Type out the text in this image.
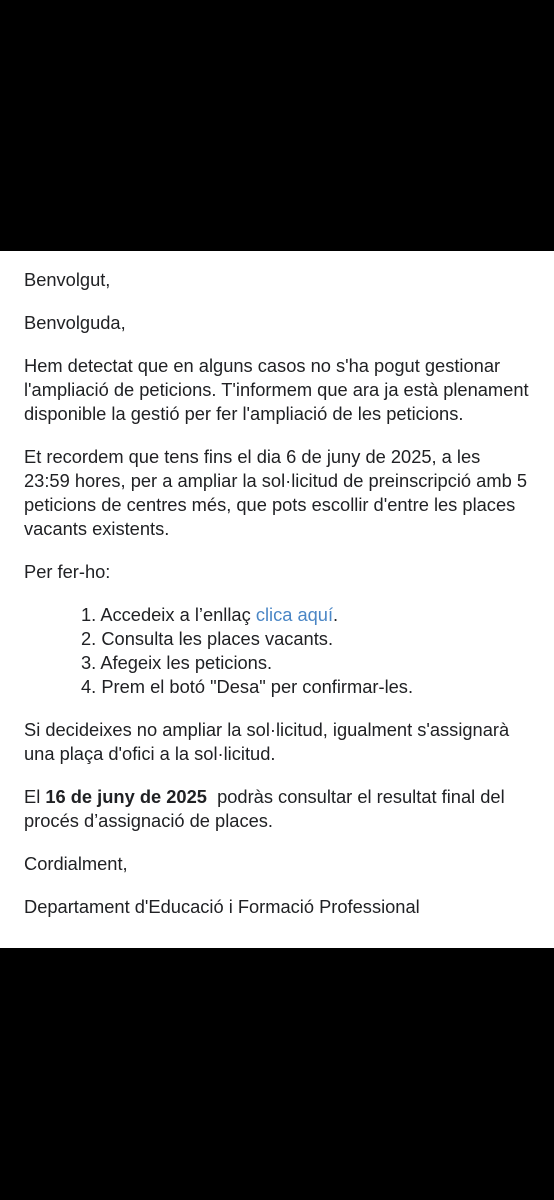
Benvolgut,

Benvolguda,

Hem detectat que en alguns casos no s'ha pogut gestionar l'ampliació de peticions. T'informem que ara ja està plenament disponible la gestió per fer l'ampliació de les peticions.

Et recordem que tens fins el dia 6 de juny de 2025, a les 23:59 hores, per a ampliar la sol·licitud de preinscripció amb 5 peticions de centres més, que pots escollir d'entre les places vacants existents.

Per fer-ho:

1. Accedeix a l’enllaç clica aquí.
2. Consulta les places vacants.
3. Afegeix les peticions.
4. Prem el botó "Desa" per confirmar-les.

Si decideixes no ampliar la sol·licitud, igualment s'assignarà una plaça d'ofici a la sol·licitud.

El 16 de juny de 2025  podràs consultar el resultat final del procés d’assignació de places.

Cordialment,

Departament d'Educació i Formació Professional
